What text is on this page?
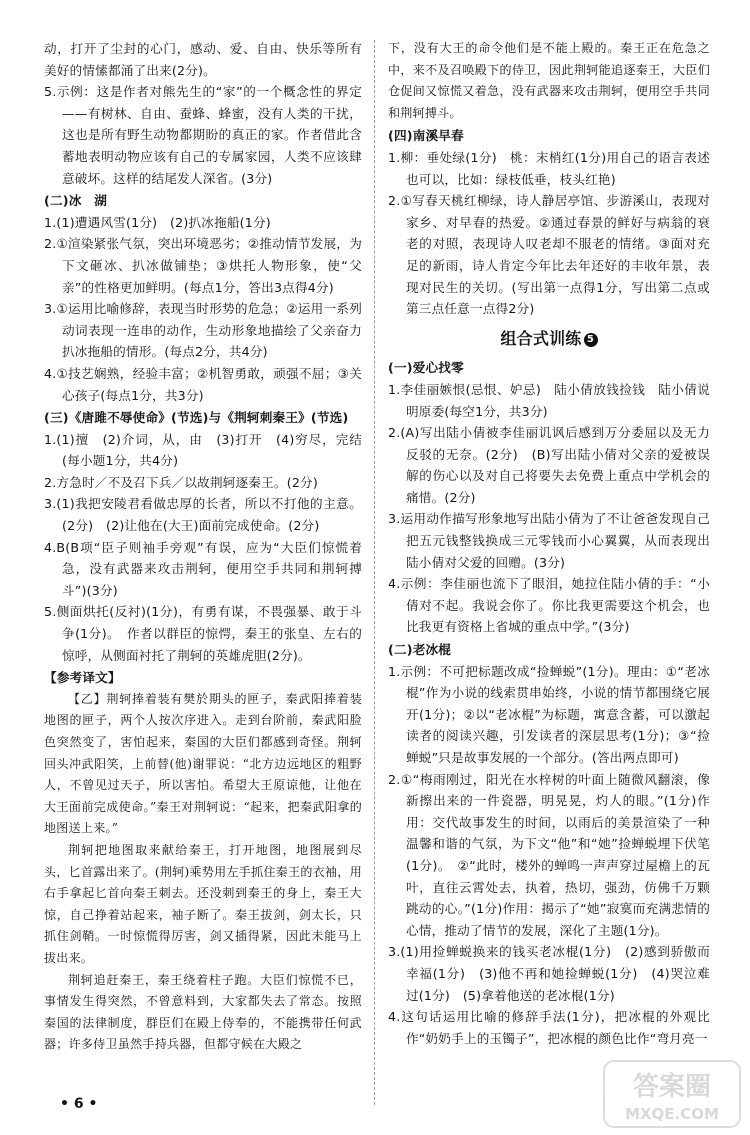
动，打开了尘封的心门，感动、爱、自由、快乐等所有美好的情愫都涌了出来(2分)。

5.示例：这是作者对熊先生的“家”的一个概念性的界定——有树林、自由、蚕蜂、蜂蜜，没有人类的干扰，这也是所有野生动物都期盼的真正的家。作者借此含蓄地表明动物应该有自己的专属家园，人类不应该肆意破坏。这样的结尾发人深省。(3分)

(二)冰　湖

1.(1)遭遇风雪(1分)　(2)扒冰拖船(1分)

2.①渲染紧张气氛，突出环境恶劣；②推动情节发展，为下文砸冰、扒冰做铺垫；③烘托人物形象，使“父亲”的性格更加鲜明。(每点1分，答出3点得4分)

3.①运用比喻修辞，表现当时形势的危急；②运用一系列动词表现一连串的动作，生动形象地描绘了父亲奋力扒冰拖船的情形。(每点2分，共4分)

4.①技艺娴熟，经验丰富；②机智勇敢，顽强不屈；③关心孩子(每点1分，共3分)

(三)《唐雎不辱使命》(节选)与《荆轲刺秦王》(节选)

1.(1)擅　(2)介词，从，由　(3)打开　(4)穷尽，完结(每小题1分，共4分)

2.方急时／不及召下兵／以故荆轲逐秦王。(2分)

3.(1)我把安陵君看做忠厚的长者，所以不打他的主意。(2分)　(2)让他在(大王)面前完成使命。(2分)

4.B(B项“臣子则袖手旁观”有误，应为“大臣们惊慌着急，没有武器来攻击荆轲，便用空手共同和荆轲搏斗”)(3分)

5.侧面烘托(反衬)(1分)，有勇有谋，不畏强暴、敢于斗争(1分)。　作者以群臣的惊愕，秦王的张皇、左右的惊呼，从侧面衬托了荆轲的英雄虎胆(2分)。

【参考译文】

【乙】荆轲捧着装有樊於期头的匣子，秦武阳捧着装地图的匣子，两个人按次序进入。走到台阶前，秦武阳脸色突然变了，害怕起来，秦国的大臣们都感到奇怪。荆轲回头冲武阳笑，上前替(他)谢罪说：“北方边远地区的粗野人，不曾见过天子，所以害怕。希望大王原谅他，让他在大王面前完成使命。”秦王对荆轲说：“起来，把秦武阳拿的地图送上来。”

荆轲把地图取来献给秦王，打开地图，地图展到尽头，匕首露出来了。(荆轲)乘势用左手抓住秦王的衣袖，用右手拿起匕首向秦王刺去。还没刺到秦王的身上，秦王大惊，自己挣着站起来，袖子断了。秦王拔剑，剑太长，只抓住剑鞘。一时惊慌得厉害，剑又插得紧，因此未能马上拔出来。

荆轲追赶秦王，秦王绕着柱子跑。大臣们惊慌不已，事情发生得突然，不曾意料到，大家都失去了常态。按照秦国的法律制度，群臣们在殿上侍奉的，不能携带任何武器；许多侍卫虽然手持兵器，但都守候在大殿之

下，没有大王的命令他们是不能上殿的。秦王正在危急之中，来不及召唤殿下的侍卫，因此荆轲能追逐秦王，大臣们仓促间又惊慌又着急，没有武器来攻击荆轲，便用空手共同和荆轲搏斗。

(四)南溪早春

1.柳：垂处绿(1分)　桃：末梢红(1分)用自己的语言表述也可以，比如：绿枝低垂，枝头红艳)

2.①写春天桃红柳绿，诗人静居亭馆、步游溪山，表现对家乡、对早春的热爱。②通过春景的鲜好与病翁的衰老的对照，表现诗人叹老却不服老的情绪。③面对充足的新雨，诗人肯定今年比去年还好的丰收年景，表现对民生的关切。(写出第一点得1分，写出第二点或第三点任意一点得2分)

组合式训练 5

(一)爱心找零

1.李佳丽嫉恨(忌恨、妒忌)　陆小倩放钱捡钱　陆小倩说明原委(每空1分，共3分)

2.(A)写出陆小倩被李佳丽讥讽后感到万分委屈以及无力反驳的无奈。(2分)　(B)写出陆小倩对父亲的爱被误解的伤心以及对自己将要失去免费上重点中学机会的痛惜。(2分)

3.运用动作描写形象地写出陆小倩为了不让爸爸发现自己把五元钱整钱换成三元零钱而小心翼翼，从而表现出陆小倩对父爱的回赠。(3分)

4.示例：李佳丽也流下了眼泪，她拉住陆小倩的手：“小倩对不起。我说会你了。你比我更需要这个机会，也比我更有资格上省城的重点中学。”(3分)

(二)老冰棍

1.示例：不可把标题改成“捡蝉蜕”(1分)。理由：①“老冰棍”作为小说的线索贯串始终，小说的情节都围绕它展开(1分)；②以“老冰棍”为标题，寓意含蓄，可以激起读者的阅读兴趣，引发读者的深层思考(1分)；③“捡蝉蜕”只是故事发展的一个部分。(答出两点即可)

2.①“梅雨刚过，阳光在水梓树的叶面上随微风翻滚，像新擦出来的一件瓷器，明晃晃，灼人的眼。”(1分)作用：交代故事发生的时间，以雨后的美景渲染了一种温馨和谐的气氛，为下文“他”和“她”捡蝉蜕埋下伏笔(1分)。　②“此时，楼外的蝉鸣一声声穿过屋檐上的瓦叶，直往云霄处去，执着，热切，强劲，仿佛千万颗跳动的心。”(1分)作用：揭示了“她”寂寞而充满悲情的心情，推动了情节的发展，深化了主题(1分)。

3.(1)用捡蝉蜕换来的钱买老冰棍(1分)　(2)感到骄傲而幸福(1分)　(3)他不再和她捡蝉蜕(1分)　(4)哭泣难过(1分)　(5)拿着他送的老冰棍(1分)

4.这句话运用比喻的修辞手法(1分)，把冰棍的外观比作“奶奶手上的玉镯子”，把冰棍的颜色比作“弯月亮一

• 6 •
答案圈
MXQE.COM
